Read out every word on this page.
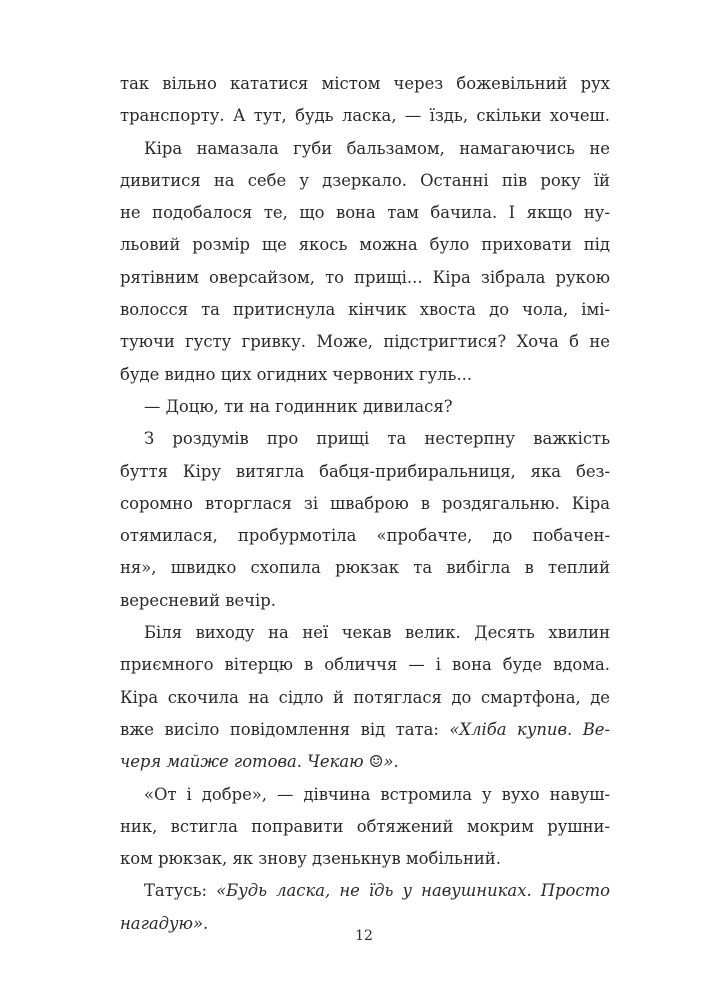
так вільно кататися містом через божевільний рух
транспорту. А тут, будь ласка, — їздь, скільки хочеш.
Кіра намазала губи бальзамом, намагаючись не
дивитися на себе у дзеркало. Останні пів року їй
не подобалося те, що вона там бачила. І якщо ну-
льовий розмір ще якось можна було приховати під
рятівним оверсайзом, то прищі... Кіра зібрала рукою
волосся та притиснула кінчик хвоста до чола, імі-
туючи густу гривку. Може, підстригтися? Хоча б не
буде видно цих огидних червоних гуль...
— Доцю, ти на годинник дивилася?
З роздумів про прищі та нестерпну важкість
буття Кіру витягла бабця-прибиральниця, яка без-
соромно вторглася зі шваброю в роздягальню. Кіра
отямилася, пробурмотіла «пробачте, до побачен-
ня», швидко схопила рюкзак та вибігла в теплий
вересневий вечір.
Біля виходу на неї чекав велик. Десять хвилин
приємного вітерцю в обличчя — і вона буде вдома.
Кіра скочила на сідло й потяглася до смартфона, де
вже висіло повідомлення від тата: «Хліба купив. Ве-
черя майже готова. Чекаю ☺».
«От і добре», — дівчина встромила у вухо навуш-
ник, встигла поправити обтяжений мокрим рушни-
ком рюкзак, як знову дзенькнув мобільний.
Татусь: «Будь ласка, не їдь у навушниках. Просто
нагадую».
12
